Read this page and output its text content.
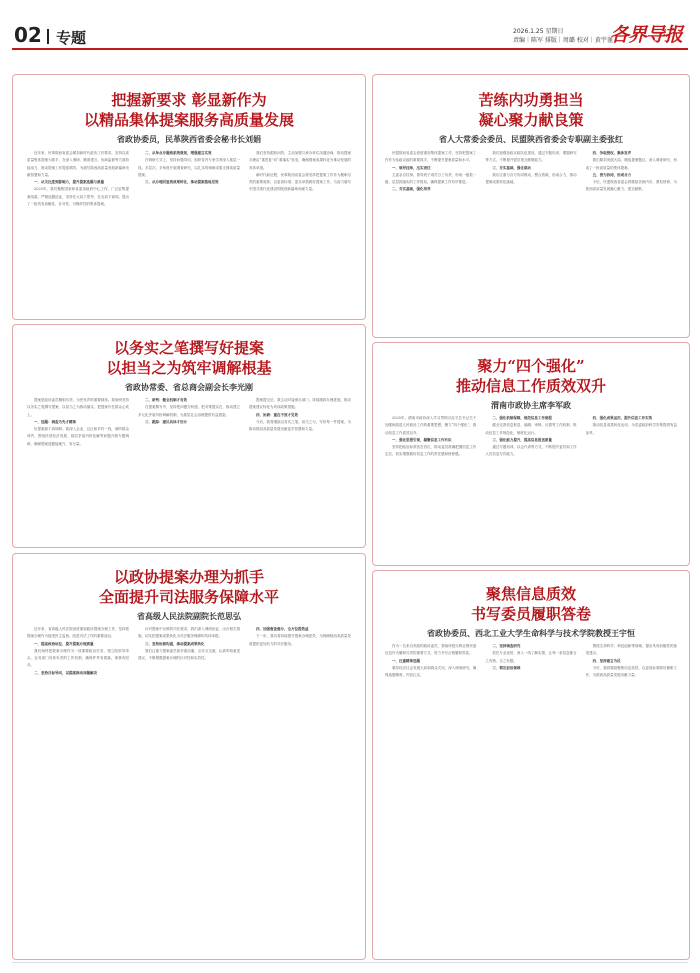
02 专题	2026.1.25 星期日
责编｜陈军 排版｜周璐 校对｜黄宇谨
各界导报
把握新要求 彰显新作为
以精品集体提案服务高质量发展
省政协委员，民革陕西省委会秘书长刘娟

近年来，民革陕西省委会紧扣新时代政协工作要求，坚持以高质量集体提案为抓手，在深入调研、精准建言、协商监督等方面持续用力，推动提案工作提质增效，为谱写陕西高质量发展新篇章贡献智慧和力量。

一、从关注度到影响力，提升提案选题与质量

2025年，我们聚焦国家和省委省政府中心工作，广泛征集提案线索，严格选题论证，坚持在大局下思考、在全局下谋划，提出了一批具有前瞻性、针对性、可操作性的集体提案。

二、从单点专题到系统谋划，增强建言实效

在调研方式上，坚持问题导向，组织党内专家学者深入基层一线，多层次、多角度开展调查研究，以扎实的调研成果支撑高质量提案。

三、从办理回复到成果转化，推动提案落地见效

我们坚持跟踪问效，主动加强与承办单位沟通协商，推动提案办理由“重答复”向“重落实”转变，确保提案成果转化为推动发展的具体举措。

新时代新征程，民革陕西省委会将坚持把提案工作作为履职尽责的重要载体，以更高标准、更实举措做好提案工作，为奋力谱写中国式现代化建设的陕西新篇章贡献力量。

以务实之笔撰写好提案
以担当之为筑牢调解根基
省政协常委、省总商会副会长李光刚

提案是政协委员履职尽责、为民发声的重要载体。我始终坚持以务实之笔撰写提案、以担当之为推动落实，把提案写在群众心坎上。

一、选题：调查为先才精准

好提案源于真调研。我深入企业、社区和乡村一线，倾听群众呼声，围绕民营经济发展、基层矛盾纠纷化解等问题开展专题调研，确保提案选题接地气、有分量。

二、研判：健全机制才有效

在提案撰写中，坚持把问题分析透、把对策提实在，推动建立多元化矛盾纠纷调解机制，为基层社会治理提供有益借鉴。

三、跟踪：建议具体才好办

提案提交后，我主动对接承办部门，持续跟踪办理进展，推动提案建议转化为具体政策措施。

四、协商：重在不放才见效

今后，我将继续以务实之笔、担当之为，写好每一件提案，为推动陕西高质量发展贡献更多智慧和力量。

以政协提案办理为抓手
全面提升司法服务保障水平
省高级人民法院副院长范思弘

近年来，省高级人民法院高度重视政协提案办理工作，坚持把提案办理作为接受民主监督、改进司法工作的重要途径。

一、提高政治站位，提升提案办理质量

我们始终把提案办理作为一项重要政治任务，建立院领导牵头、业务部门具体负责的工作机制，确保件件有着落、事事有回音。

二、坚持目标导向，以提案推动问题解决

针对提案中反映的司法需求，我们深入调研论证，出台相关措施，切实把提案成果转化为司法服务保障的具体举措。

三、坚持协商沟通，推动提案成果转化

我们注重与提案委员面对面沟通、点对点交流，认真听取意见建议，不断增强提案办理的针对性和实效性。

四、加强督查督办，全方位提效益

下一步，我们将持续提升提案办理质效，为保障陕西高质量发展提供更加有力的司法服务。

苦练内功勇担当
凝心聚力献良策
省人大常委会委员、民盟陕西省委会专职副主委张红

民盟陕西省委会高度重视集体提案工作，坚持把提案工作作为参政议政的重要抓手，不断提升提案质量和水平。

一、领导挂帅，压实责任

主委亲自挂帅，领导班子成员分工负责，形成一级抓一级、层层抓落实的工作格局，确保提案工作有序推进。

二、夯实基础，强化培养

我们加强参政议政队伍建设，通过专题培训、课题研究等方式，不断提升盟员建言献策能力。

三、夯实基础，强化联动

我们注重与各方协同联动，整合资源，形成合力，推动提案成果转化落地。

四、争取授权，集体发声

我们紧扣发展大局，精选提案题目，深入调查研究，形成了一批高质量的集体提案。

五、善为协同，形成合力

今后，民盟陕西省委会将继续苦练内功、勇担使命，为陕西高质量发展凝心聚力、建言献策。

聚力“四个强化”
推动信息工作质效双升
渭南市政协主席李军政

2025年，渭南市政协深入学习贯彻习近平总书记关于加强和改进人民政协工作的重要思想，聚力“四个强化”，推动信息工作质效双升。

一、强化思想引领，凝聚信息工作共识

坚持把政治标准放在首位，推动委员准确把握信息工作定位，切实增强做好信息工作的责任感和使命感。

二、强化机制保障，规范信息工作流程

健全完善信息报送、编辑、审核、反馈等工作机制，推动信息工作规范化、制度化运行。

三、强化能力提升，提高信息报送质量

通过专题培训、以会代训等方式，不断提升委员和工作人员信息写作能力。

四、强化成果运用，提升信息工作实效

推动信息成果转化运用，为党委政府科学决策提供有益参考。

聚焦信息质效
书写委员履职答卷
省政协委员、西北工业大学生命科学与技术学院教授王宇恒

作为一名来自高校的政协委员，我始终把反映社情民意信息作为履职尽责的重要方式，努力书写合格履职答卷。

一、注重精准选题

紧扣经济社会发展大局和群众关切，深入调查研究，确保选题精准、内容扎实。

二、坚持调查研究

依托专业优势，深入一线了解实情，让每一条信息都言之有物、言之有据。

三、锁定前沿领域

围绕生命科学、科技创新等领域，提出具有前瞻性的意见建议。

四、坚持建言为民

今后，我将继续聚焦信息质效，以更高标准做好履职工作，为陕西高质量发展贡献力量。
